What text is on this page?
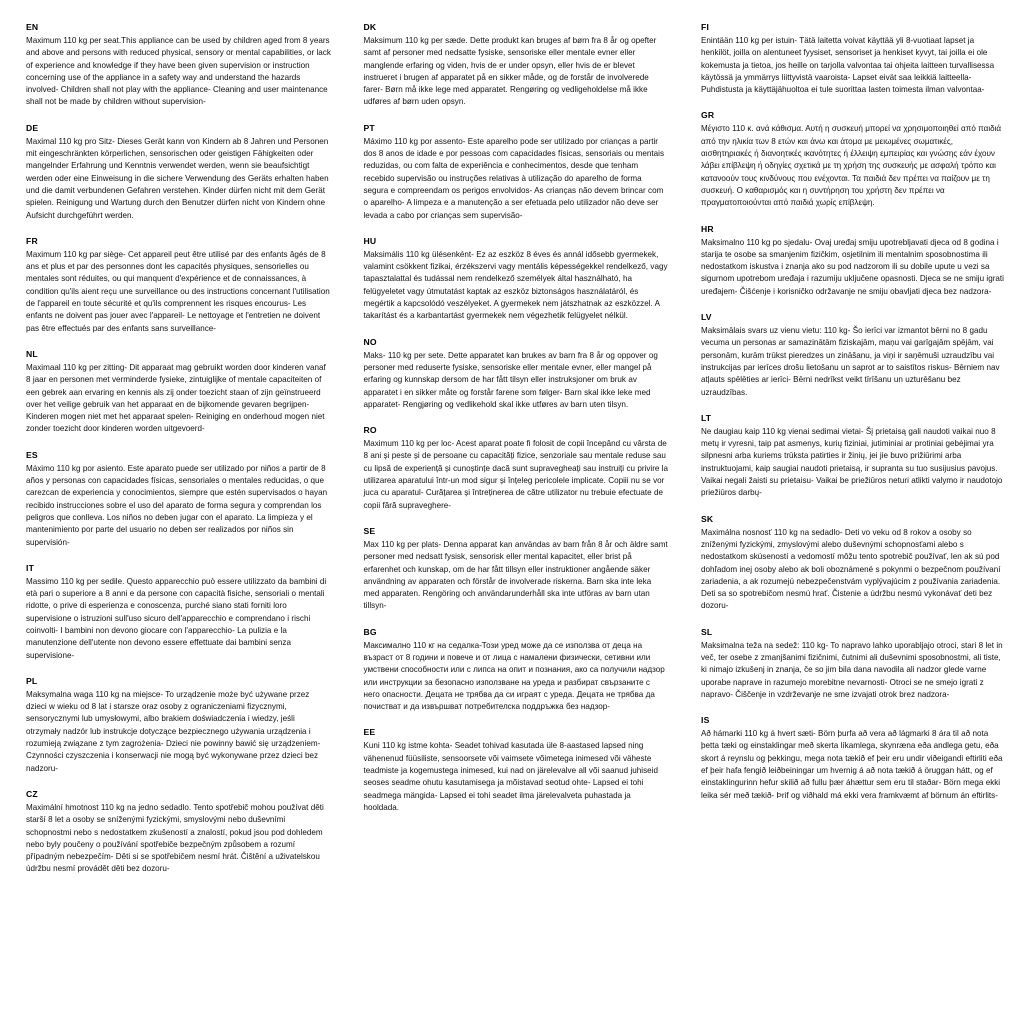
EN
Maximum 110 kg per seat.This appliance can be used by children aged from 8 years and above and persons with reduced physical, sensory or mental capabilities, or lack of experience and knowledge if they have been given supervision or instruction concerning use of the appliance in a safety way and understand the hazards involved- Children shall not play with the appliance- Cleaning and user maintenance shall not be made by children without supervision-
DE
Maximal 110 kg pro Sitz- Dieses Gerät kann von Kindern ab 8 Jahren und Personen mit eingeschränkten körperlichen, sensorischen oder geistigen Fähigkeiten oder mangelnder Erfahrung und Kenntnis verwendet werden, wenn sie beaufsichtigt werden oder eine Einweisung in die sichere Verwendung des Geräts erhalten haben und die damit verbundenen Gefahren verstehen. Kinder dürfen nicht mit dem Gerät spielen. Reinigung und Wartung durch den Benutzer dürfen nicht von Kindern ohne Aufsicht durchgeführt werden.
FR
Maximum 110 kg par siège- Cet appareil peut être utilisé par des enfants âgés de 8 ans et plus et par des personnes dont les capacités physiques, sensorielles ou mentales sont réduites, ou qui manquent d'expérience et de connaissances, à condition qu'ils aient reçu une surveillance ou des instructions concernant l'utilisation de l'appareil en toute sécurité et qu'ils comprennent les risques encourus- Les enfants ne doivent pas jouer avec l'appareil- Le nettoyage et l'entretien ne doivent pas être effectués par des enfants sans surveillance-
NL
Maximaal 110 kg per zitting- Dit apparaat mag gebruikt worden door kinderen vanaf 8 jaar en personen met verminderde fysieke, zintuiglijke of mentale capaciteiten of een gebrek aan ervaring en kennis als zij onder toezicht staan of zijn geïnstrueerd over het veilige gebruik van het apparaat en de bijkomende gevaren begrijpen- Kinderen mogen niet met het apparaat spelen- Reiniging en onderhoud mogen niet zonder toezicht door kinderen worden uitgevoerd-
ES
Máximo 110 kg por asiento. Este aparato puede ser utilizado por niños a partir de 8 años y personas con capacidades físicas, sensoriales o mentales reducidas, o que carezcan de experiencia y conocimientos, siempre que estén supervisados o hayan recibido instrucciones sobre el uso del aparato de forma segura y comprendan los peligros que conlleva. Los niños no deben jugar con el aparato. La limpieza y el mantenimiento por parte del usuario no deben ser realizados por niños sin supervisión-
IT
Massimo 110 kg per sedile. Questo apparecchio può essere utilizzato da bambini di età pari o superiore a 8 anni e da persone con capacità fisiche, sensoriali o mentali ridotte, o prive di esperienza e conoscenza, purché siano stati forniti loro supervisione o istruzioni sull'uso sicuro dell'apparecchio e comprendano i rischi coinvolti- I bambini non devono giocare con l'apparecchio- La pulizia e la manutenzione dell'utente non devono essere effettuate dai bambini senza supervisione-
PL
Maksymalna waga 110 kg na miejsce- To urządzenie może być używane przez dzieci w wieku od 8 lat i starsze oraz osoby z ograniczeniami fizycznymi, sensorycznymi lub umysłowymi, albo brakiem doświadczenia i wiedzy, jeśli otrzymały nadzór lub instrukcje dotyczące bezpiecznego używania urządzenia i rozumieją związane z tym zagrożenia- Dzieci nie powinny bawić się urządzeniem- Czynności czyszczenia i konserwacji nie mogą być wykonywane przez dzieci bez nadzoru-
CZ
Maximální hmotnost 110 kg na jedno sedadlo. Tento spotřebič mohou používat děti starší 8 let a osoby se sníženými fyzickými, smyslovými nebo duševními schopnostmi nebo s nedostatkem zkušeností a znalostí, pokud jsou pod dohledem nebo byly poučeny o používání spotřebiče bezpečným způsobem a rozumí případným nebezpečím- Děti si se spotřebičem nesmí hrát. Čištění a uživatelskou údržbu nesmí provádět děti bez dozoru-
DK
Maksimum 110 kg per sæde. Dette produkt kan bruges af børn fra 8 år og opefter samt af personer med nedsatte fysiske, sensoriske eller mentale evner eller manglende erfaring og viden, hvis de er under opsyn, eller hvis de er blevet instrueret i brugen af apparatet på en sikker måde, og de forstår de involverede farer- Børn må ikke lege med apparatet. Rengøring og vedligeholdelse må ikke udføres af børn uden opsyn.
PT
Máximo 110 kg por assento- Este aparelho pode ser utilizado por crianças a partir dos 8 anos de idade e por pessoas com capacidades físicas, sensoriais ou mentais reduzidas, ou com falta de experiência e conhecimentos, desde que tenham recebido supervisão ou instruções relativas à utilização do aparelho de forma segura e compreendam os perigos envolvidos- As crianças não devem brincar com o aparelho- A limpeza e a manutenção a ser efetuada pelo utilizador não deve ser levada a cabo por crianças sem supervisão-
HU
Maksimális 110 kg ülésenként- Ez az eszköz 8 éves és annál idősebb gyermekek, valamint csökkent fizikai, érzékszervi vagy mentális képességekkel rendelkező, vagy tapasztalattal és tudással nem rendelkező személyek által használható, ha felügyeletet vagy útmutatást kaptak az eszköz biztonságos használatáról, és megértik a kapcsolódó veszélyeket. A gyermekek nem játszhatnak az eszközzel. A takarítást és a karbantartást gyermekek nem végezhetik felügyelet nélkül.
NO
Maks- 110 kg per sete. Dette apparatet kan brukes av barn fra 8 år og oppover og personer med reduserte fysiske, sensoriske eller mentale evner, eller mangel på erfaring og kunnskap dersom de har fått tilsyn eller instruksjoner om bruk av apparatet i en sikker måte og forstår farene som følger- Barn skal ikke leke med apparatet- Rengjøring og vedlikehold skal ikke utføres av barn uten tilsyn.
RO
Maximum 110 kg per loc- Acest aparat poate fi folosit de copii începând cu vârsta de 8 ani și peste și de persoane cu capacități fizice, senzoriale sau mentale reduse sau cu lipsă de experiență și cunoștințe dacă sunt supravegheați sau instruiți cu privire la utilizarea aparatului într-un mod sigur și înțeleg pericolele implicate. Copiii nu se vor juca cu aparatul- Curățarea și întreținerea de către utilizator nu trebuie efectuate de copii fără supraveghere-
SE
Max 110 kg per plats- Denna apparat kan användas av barn från 8 år och äldre samt personer med nedsatt fysisk, sensorisk eller mental kapacitet, eller brist på erfarenhet och kunskap, om de har fått tillsyn eller instruktioner angående säker användning av apparaten och förstår de involverade riskerna. Barn ska inte leka med apparaten. Rengöring och användarunderhåll ska inte utföras av barn utan tillsyn-
BG
Максимално 110 кг на седалка-Този уред може да се използва от деца на възраст от 8 години и повече и от лица с намалени физически, сетивни или умствени способности или с липса на опит и познания, ако са получили надзор или инструкции за безопасно използване на уреда и разбират свързаните с него опасности. Децата не трябва да си играят с уреда. Децата не трябва да почистват и да извършват потребителска поддръжка без надзор-
EE
Kuni 110 kg istme kohta- Seadet tohivad kasutada üle 8-aastased lapsed ning vähenenud füüsiliste, sensoorsete või vaimsete võimetega inimesed või väheste teadmiste ja kogemustega inimesed, kui nad on järelevalve all või saanud juhiseid seoses seadme ohutu kasutamisega ja mõistavad seotud ohte- Lapsed ei tohi seadmega mängida- Lapsed ei tohi seadet ilma järelevalveta puhastada ja hooldada.
FI
Enintään 110 kg per istuin- Tätä laitetta voivat käyttää yli 8-vuotiaat lapset ja henkilöt, joilla on alentuneet fyysiset, sensoriset ja henkiset kyvyt, tai joilla ei ole kokemusta ja tietoa, jos heille on tarjolla valvontaa tai ohjeita laitteen turvallisessa käytössä ja ymmärrys liittyvistä vaaroista- Lapset eivät saa leikkiä laitteella- Puhdistusta ja käyttäjähuoltoa ei tule suorittaa lasten toimesta ilman valvontaa-
GR
Μέγιστο 110 κ. ανά κάθισμα. Αυτή η συσκευή μπορεί να χρησιμοποιηθεί από παιδιά από την ηλικία των 8 ετών και άνω και άτομα με μειωμένες σωματικές, αισθητηριακές ή διανοητικές ικανότητες ή έλλειψη εμπειρίας και γνώσης εάν έχουν λάβει επίβλεψη ή οδηγίες σχετικά με τη χρήση της συσκευής με ασφαλή τρόπο και κατανοούν τους κινδύνους που ενέχονται. Τα παιδιά δεν πρέπει να παίζουν με τη συσκευή. Ο καθαρισμός και η συντήρηση του χρήστη δεν πρέπει να πραγματοποιούνται από παιδιά χωρίς επίβλεψη.
HR
Maksimalno 110 kg po sjedalu- Ovaj uređaj smiju upotrebljavati djeca od 8 godina i starija te osobe sa smanjenim fizičkim, osjetilnim ili mentalnim sposobnostima ili nedostatkom iskustva i znanja ako su pod nadzorom ili su dobile upute u vezi sa sigurnom upotrebom uređaja i razumiju uključene opasnosti. Djeca se ne smiju igrati uređajem- Čišćenje i korisničko održavanje ne smiju obavljati djeca bez nadzora-
LV
Maksimālais svars uz vienu vietu: 110 kg- Šo ierīci var izmantot bērni no 8 gadu vecuma un personas ar samazinātām fiziskajām, maņu vai garīgajām spējām, vai personām, kurām trūkst pieredzes un zināšanu, ja viņi ir saņēmuši uzraudzību vai instrukcijas par ierīces drošu lietošanu un saprot ar to saistītos riskus- Bērniem nav atļauts spēlēties ar ierīci- Bērni nedrīkst veikt tīrīšanu un uzturēšanu bez uzraudzības.
LT
Ne daugiau kaip 110 kg vienai sedimai vietai- Šį prietaisą gali naudoti vaikai nuo 8 metų ir vyresni, taip pat asmenys, kurių fiziniai, jutiminiai ar protiniai gebėjimai yra silpnesni arba kuriems trūksta patirties ir žinių, jei jie buvo prižiūrimi arba instruktuojami, kaip saugiai naudoti prietaisą, ir supranta su tuo susijusius pavojus. Vaikai negali žaisti su prietaisu- Vaikai be priežiūros neturi atlikti valymo ir naudotojo priežiūros darbų-
SK
Maximálna nosnosť 110 kg na sedadlo- Deti vo veku od 8 rokov a osoby so zníženými fyzickými, zmyslovými alebo duševnými schopnosťami alebo s nedostatkom skúseností a vedomostí môžu tento spotrebič používať, len ak sú pod dohľadom inej osoby alebo ak boli oboznámené s pokynmi o bezpečnom používaní zariadenia, a ak rozumejú nebezpečenstvám vyplývajúcim z používania zariadenia. Deti sa so spotrebičom nesmú hrať. Čistenie a údržbu nesmú vykonávať deti bez dozoru-
SL
Maksimalna teža na sedež: 110 kg- To napravo lahko uporabljajo otroci, stari 8 let in več, ter osebe z zmanjšanimi fizičnimi, čutnimi ali duševnimi sposobnostmi, ali tiste, ki nimajo izkušenj in znanja, če so jim bila dana navodila ali nadzor glede varne uporabe naprave in razumejo morebitne nevarnosti- Otroci se ne smejo igrati z napravo- Čiščenje in vzdrževanje ne sme izvajati otrok brez nadzora-
IS
Að hámarki 110 kg á hvert sæti- Börn þurfa að vera að lágmarki 8 ára til að nota þetta tæki og einstaklingar með skerta líkamlega, skynræna eða andlega getu, eða skort á reynslu og þekkingu, mega nota tækið ef þeir eru undir viðeigandi eftirliti eða ef þeir hafa fengið leiðbeiningar um hvernig á að nota tækið á öruggan hátt, og ef einstaklingurinn hefur skilið að fullu þær áhættur sem eru til staðar- Börn mega ekki leika sér með tækið- Þrif og viðhald má ekki vera framkvæmt af börnum án eftirlits-
